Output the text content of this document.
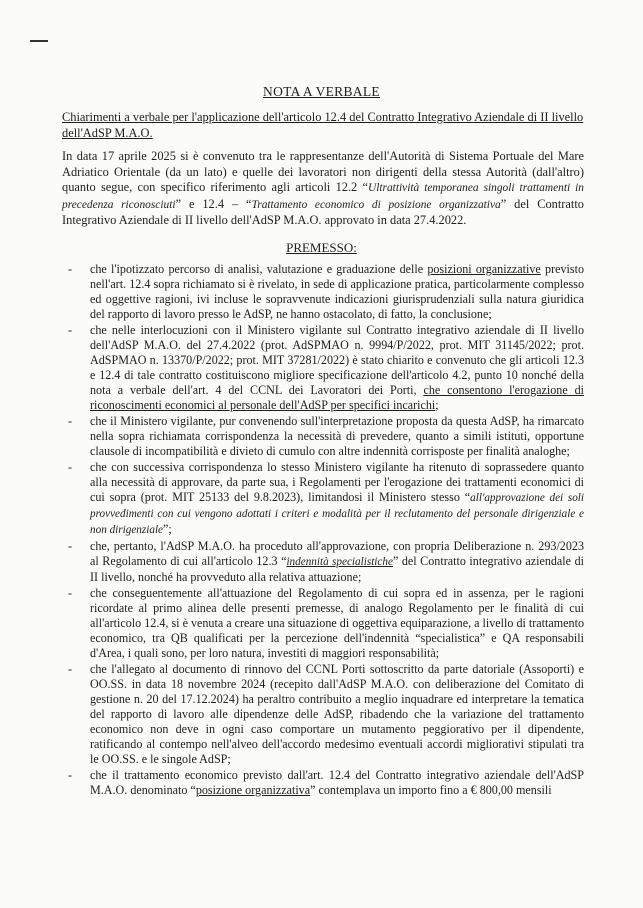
NOTA A VERBALE
Chiarimenti a verbale per l'applicazione dell'articolo 12.4 del Contratto Integrativo Aziendale di II livello dell'AdSP M.A.O.
In data 17 aprile 2025 si è convenuto tra le rappresentanze dell'Autorità di Sistema Portuale del Mare Adriatico Orientale (da un lato) e quelle dei lavoratori non dirigenti della stessa Autorità (dall'altro) quanto segue, con specifico riferimento agli articoli 12.2 “Ultrattività temporanea singoli trattamenti in precedenza riconosciuti” e 12.4 – “Trattamento economico di posizione organizzativa” del Contratto Integrativo Aziendale di II livello dell'AdSP M.A.O. approvato in data 27.4.2022.
PREMESSO:
- che l'ipotizzato percorso di analisi, valutazione e graduazione delle posizioni organizzative previsto nell'art. 12.4 sopra richiamato si è rivelato, in sede di applicazione pratica, particolarmente complesso ed oggettive ragioni, ivi incluse le sopravvenute indicazioni giurisprudenziali sulla natura giuridica del rapporto di lavoro presso le AdSP, ne hanno ostacolato, di fatto, la conclusione;
- che nelle interlocuzioni con il Ministero vigilante sul Contratto integrativo aziendale di II livello dell'AdSP M.A.O. del 27.4.2022 (prot. AdSPMAO n. 9994/P/2022, prot. MIT 31145/2022; prot. AdSPMAO n. 13370/P/2022; prot. MIT 37281/2022) è stato chiarito e convenuto che gli articoli 12.3 e 12.4 di tale contratto costituiscono migliore specificazione dell'articolo 4.2, punto 10 nonché della nota a verbale dell'art. 4 del CCNL dei Lavoratori dei Porti, che consentono l'erogazione di riconoscimenti economici al personale dell'AdSP per specifici incarichi;
- che il Ministero vigilante, pur convenendo sull'interpretazione proposta da questa AdSP, ha rimarcato nella sopra richiamata corrispondenza la necessità di prevedere, quanto a simili istituti, opportune clausole di incompatibilità e divieto di cumulo con altre indennità corrisposte per finalità analoghe;
- che con successiva corrispondenza lo stesso Ministero vigilante ha ritenuto di soprassedere quanto alla necessità di approvare, da parte sua, i Regolamenti per l'erogazione dei trattamenti economici di cui sopra (prot. MIT 25133 del 9.8.2023), limitandosi il Ministero stesso “all'approvazione dei soli provvedimenti con cui vengono adottati i criteri e modalità per il reclutamento del personale dirigenziale e non dirigenziale”;
- che, pertanto, l'AdSP M.A.O. ha proceduto all'approvazione, con propria Deliberazione n. 293/2023 al Regolamento di cui all'articolo 12.3 “indennità specialistiche” del Contratto integrativo aziendale di II livello, nonché ha provveduto alla relativa attuazione;
- che conseguentemente all'attuazione del Regolamento di cui sopra ed in assenza, per le ragioni ricordate al primo alinea delle presenti premesse, di analogo Regolamento per le finalità di cui all'articolo 12.4, si è venuta a creare una situazione di oggettiva equiparazione, a livello di trattamento economico, tra QB qualificati per la percezione dell'indennità “specialistica” e QA responsabili d'Area, i quali sono, per loro natura, investiti di maggiori responsabilità;
- che l'allegato al documento di rinnovo del CCNL Porti sottoscritto da parte datoriale (Assoporti) e OO.SS. in data 18 novembre 2024 (recepito dall'AdSP M.A.O. con deliberazione del Comitato di gestione n. 20 del 17.12.2024) ha peraltro contribuito a meglio inquadrare ed interpretare la tematica del rapporto di lavoro alle dipendenze delle AdSP, ribadendo che la variazione del trattamento economico non deve in ogni caso comportare un mutamento peggiorativo per il dipendente, ratificando al contempo nell'alveo dell'accordo medesimo eventuali accordi migliorativi stipulati tra le OO.SS. e le singole AdSP;
- che il trattamento economico previsto dall'art. 12.4 del Contratto integrativo aziendale dell'AdSP M.A.O. denominato “posizione organizzativa” contemplava un importo fino a € 800,00 mensili
